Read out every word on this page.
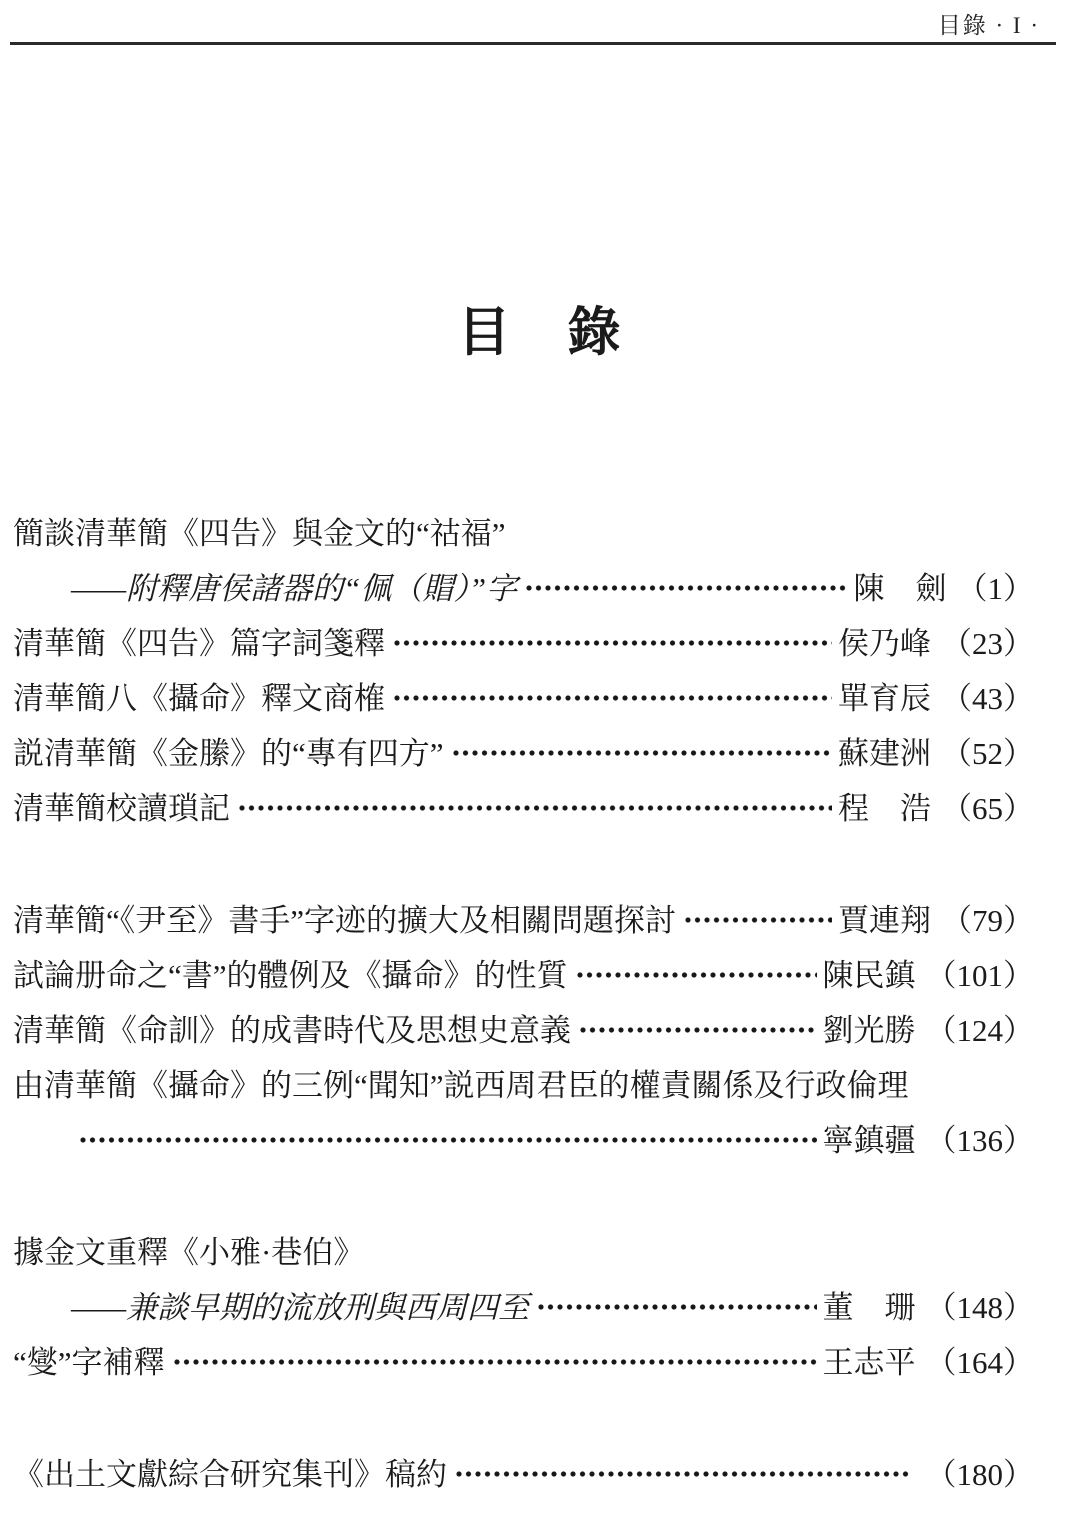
目錄 · I ·
目　錄
簡談清華簡《四告》與金文的“祜福”
——附釋唐侯諸器的“佩（賵）”字	陳　劍 （1）
清華簡《四告》篇字詞箋釋	侯乃峰 （23）
清華簡八《攝命》釋文商榷	單育辰 （43）
説清華簡《金縢》的“專有四方”	蘇建洲 （52）
清華簡校讀瑣記	程　浩 （65）
清華簡“《尹至》書手”字迹的擴大及相關問題探討	賈連翔 （79）
試論册命之“書”的體例及《攝命》的性質	陳民鎮 （101）
清華簡《命訓》的成書時代及思想史意義	劉光勝 （124）
由清華簡《攝命》的三例“聞知”説西周君臣的權責關係及行政倫理
寧鎮疆 （136）
據金文重釋《小雅·巷伯》
——兼談早期的流放刑與西周四至	董　珊 （148）
“燮”字補釋	王志平 （164）
《出土文獻綜合研究集刊》稿約	（180）
